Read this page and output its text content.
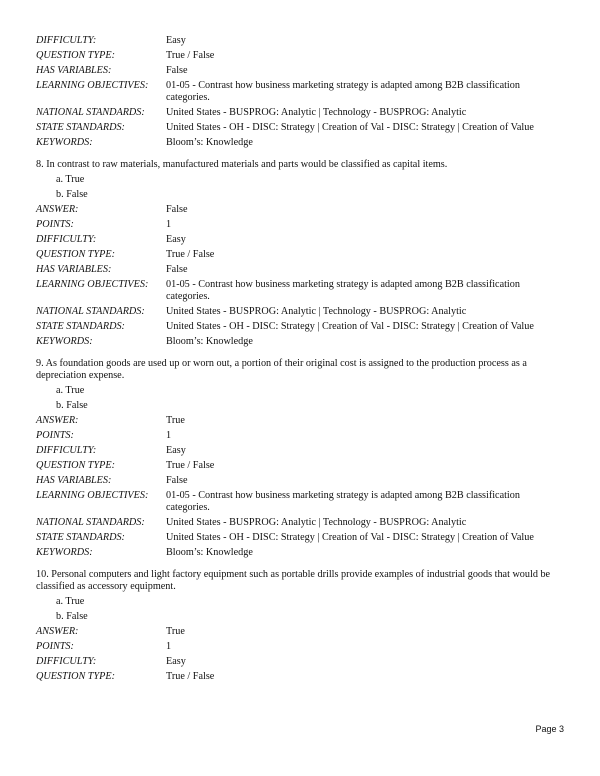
DIFFICULTY:	Easy
QUESTION TYPE:	True / False
HAS VARIABLES:	False
LEARNING OBJECTIVES:	01-05 - Contrast how business marketing strategy is adapted among B2B classification categories.
NATIONAL STANDARDS:	United States - BUSPROG: Analytic | Technology - BUSPROG: Analytic
STATE STANDARDS:	United States - OH - DISC: Strategy | Creation of Val - DISC: Strategy | Creation of Value
KEYWORDS:	Bloom’s: Knowledge
8. In contrast to raw materials, manufactured materials and parts would be classified as capital items.
a. True
b. False
ANSWER:	False
POINTS:	1
DIFFICULTY:	Easy
QUESTION TYPE:	True / False
HAS VARIABLES:	False
LEARNING OBJECTIVES:	01-05 - Contrast how business marketing strategy is adapted among B2B classification categories.
NATIONAL STANDARDS:	United States - BUSPROG: Analytic | Technology - BUSPROG: Analytic
STATE STANDARDS:	United States - OH - DISC: Strategy | Creation of Val - DISC: Strategy | Creation of Value
KEYWORDS:	Bloom’s: Knowledge
9. As foundation goods are used up or worn out, a portion of their original cost is assigned to the production process as a depreciation expense.
a. True
b. False
ANSWER:	True
POINTS:	1
DIFFICULTY:	Easy
QUESTION TYPE:	True / False
HAS VARIABLES:	False
LEARNING OBJECTIVES:	01-05 - Contrast how business marketing strategy is adapted among B2B classification categories.
NATIONAL STANDARDS:	United States - BUSPROG: Analytic | Technology - BUSPROG: Analytic
STATE STANDARDS:	United States - OH - DISC: Strategy | Creation of Val - DISC: Strategy | Creation of Value
KEYWORDS:	Bloom’s: Knowledge
10. Personal computers and light factory equipment such as portable drills provide examples of industrial goods that would be classified as accessory equipment.
a. True
b. False
ANSWER:	True
POINTS:	1
DIFFICULTY:	Easy
QUESTION TYPE:	True / False
Page 3
